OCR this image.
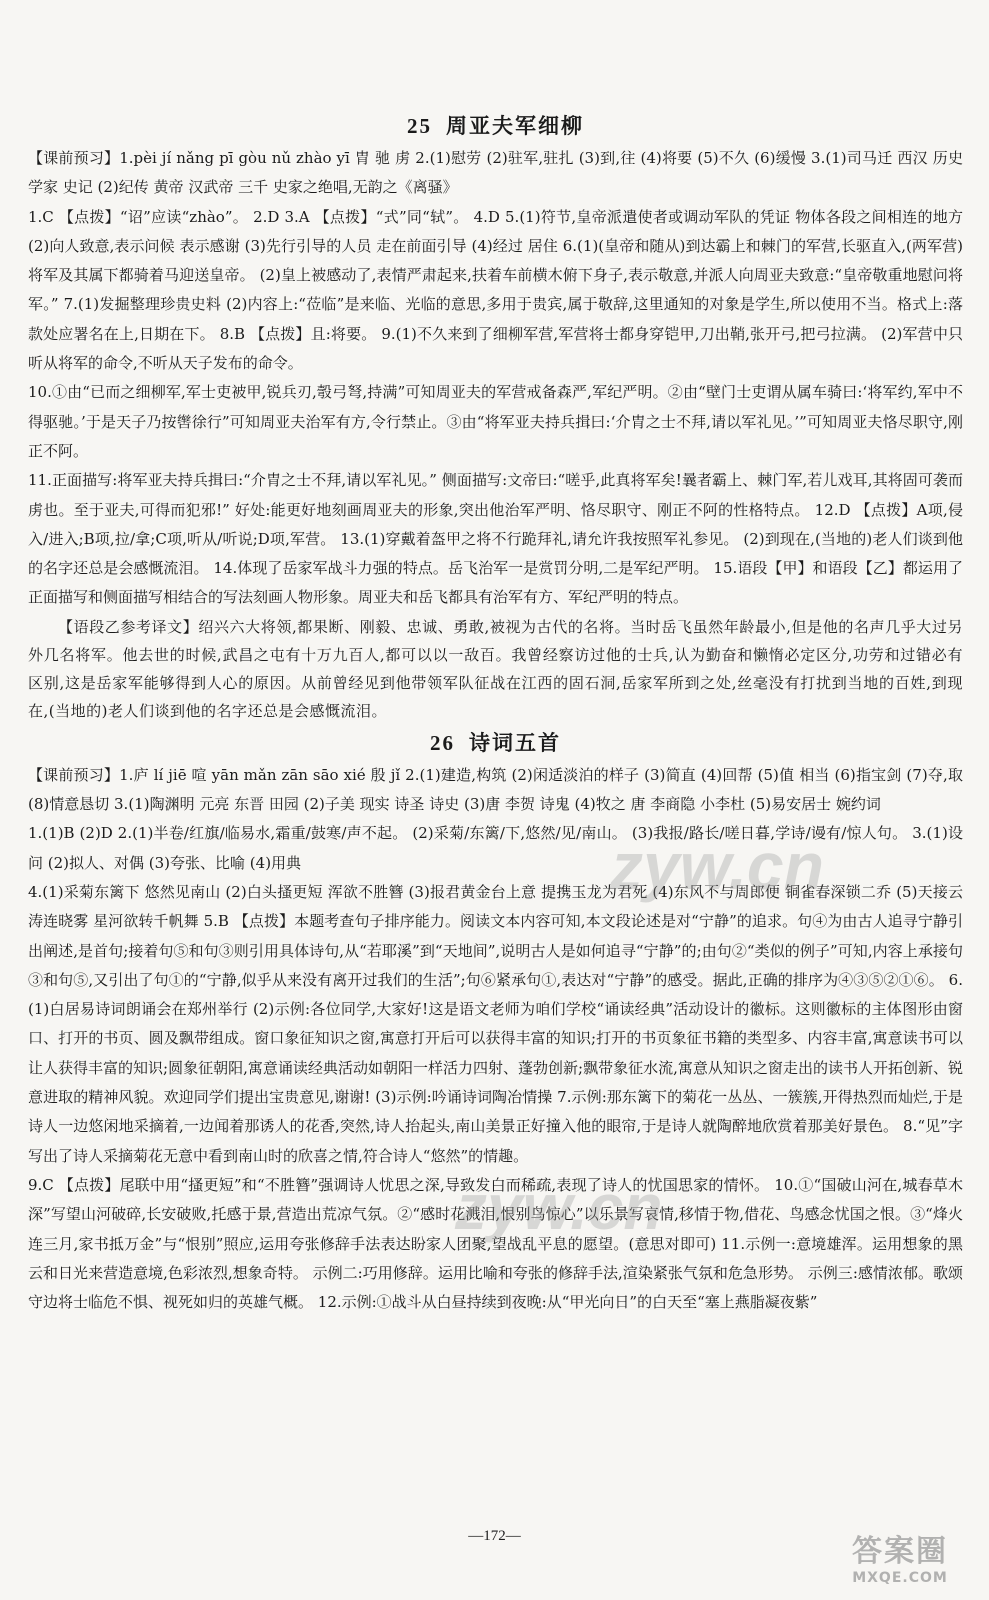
25 周亚夫军细柳

【课前预习】1.pèi jí nǎng pī gòu nǔ zhào yī 胄 驰 虏 2.(1)慰劳 (2)驻军,驻扎 (3)到,往 (4)将要 (5)不久 (6)缓慢 3.(1)司马迁 西汉 历史学家 史记 (2)纪传 黄帝 汉武帝 三千 史家之绝唱,无韵之《离骚》

1.C 【点拨】“诏”应读“zhào”。 2.D 3.A 【点拨】“式”同“轼”。 4.D 5.(1)符节,皇帝派遣使者或调动军队的凭证 物体各段之间相连的地方 (2)向人致意,表示问候 表示感谢 (3)先行引导的人员 走在前面引导 (4)经过 居住 6.(1)(皇帝和随从)到达霸上和棘门的军营,长驱直入,(两军营)将军及其属下都骑着马迎送皇帝。 (2)皇上被感动了,表情严肃起来,扶着车前横木俯下身子,表示敬意,并派人向周亚夫致意:“皇帝敬重地慰问将军。” 7.(1)发掘整理珍贵史料 (2)内容上:“莅临”是来临、光临的意思,多用于贵宾,属于敬辞,这里通知的对象是学生,所以使用不当。格式上:落款处应署名在上,日期在下。 8.B 【点拨】且:将要。 9.(1)不久来到了细柳军营,军营将士都身穿铠甲,刀出鞘,张开弓,把弓拉满。 (2)军营中只听从将军的命令,不听从天子发布的命令。

10.①由“已而之细柳军,军士吏被甲,锐兵刃,彀弓弩,持满”可知周亚夫的军营戒备森严,军纪严明。②由“壁门士吏谓从属车骑曰:‘将军约,军中不得驱驰。’于是天子乃按辔徐行”可知周亚夫治军有方,令行禁止。③由“将军亚夫持兵揖曰:‘介胄之士不拜,请以军礼见。’”可知周亚夫恪尽职守,刚正不阿。

11.正面描写:将军亚夫持兵揖曰:“介胄之士不拜,请以军礼见。” 侧面描写:文帝曰:“嗟乎,此真将军矣!曩者霸上、棘门军,若儿戏耳,其将固可袭而虏也。至于亚夫,可得而犯邪!” 好处:能更好地刻画周亚夫的形象,突出他治军严明、恪尽职守、刚正不阿的性格特点。 12.D 【点拨】A项,侵入/进入;B项,拉/拿;C项,听从/听说;D项,军营。 13.(1)穿戴着盔甲之将不行跪拜礼,请允许我按照军礼参见。 (2)到现在,(当地的)老人们谈到他的名字还总是会感慨流泪。 14.体现了岳家军战斗力强的特点。岳飞治军一是赏罚分明,二是军纪严明。 15.语段【甲】和语段【乙】都运用了正面描写和侧面描写相结合的写法刻画人物形象。周亚夫和岳飞都具有治军有方、军纪严明的特点。

【语段乙参考译文】绍兴六大将领,都果断、刚毅、忠诚、勇敢,被视为古代的名将。当时岳飞虽然年龄最小,但是他的名声几乎大过另外几名将军。他去世的时候,武昌之屯有十万九百人,都可以以一敌百。我曾经察访过他的士兵,认为勤奋和懒惰必定区分,功劳和过错必有区别,这是岳家军能够得到人心的原因。从前曾经见到他带领军队征战在江西的固石洞,岳家军所到之处,丝毫没有打扰到当地的百姓,到现在,(当地的)老人们谈到他的名字还总是会感慨流泪。

26 诗词五首

【课前预习】1.庐 lí jiē 喧 yān mǎn zān sāo xié 殷 jǐ 2.(1)建造,构筑 (2)闲适淡泊的样子 (3)简直 (4)回帮 (5)值 相当 (6)指宝剑 (7)夺,取 (8)情意恳切 3.(1)陶渊明 元亮 东晋 田园 (2)子美 现实 诗圣 诗史 (3)唐 李贺 诗鬼 (4)牧之 唐 李商隐 小李杜 (5)易安居士 婉约词

1.(1)B (2)D 2.(1)半卷/红旗/临易水,霜重/鼓寒/声不起。 (2)采菊/东篱/下,悠然/见/南山。 (3)我报/路长/嗟日暮,学诗/谩有/惊人句。 3.(1)设问 (2)拟人、对偶 (3)夸张、比喻 (4)用典

4.(1)采菊东篱下 悠然见南山 (2)白头搔更短 浑欲不胜簪 (3)报君黄金台上意 提携玉龙为君死 (4)东风不与周郎便 铜雀春深锁二乔 (5)天接云涛连晓雾 星河欲转千帆舞 5.B 【点拨】本题考查句子排序能力。阅读文本内容可知,本文段论述是对“宁静”的追求。句④为由古人追寻宁静引出阐述,是首句;接着句⑤和句③则引用具体诗句,从“若耶溪”到“天地间”,说明古人是如何追寻“宁静”的;由句②“类似的例子”可知,内容上承接句③和句⑤,又引出了句①的“宁静,似乎从来没有离开过我们的生活”;句⑥紧承句①,表达对“宁静”的感受。据此,正确的排序为④③⑤②①⑥。 6.(1)白居易诗词朗诵会在郑州举行 (2)示例:各位同学,大家好!这是语文老师为咱们学校“诵读经典”活动设计的徽标。这则徽标的主体图形由窗口、打开的书页、圆及飘带组成。窗口象征知识之窗,寓意打开后可以获得丰富的知识;打开的书页象征书籍的类型多、内容丰富,寓意读书可以让人获得丰富的知识;圆象征朝阳,寓意诵读经典活动如朝阳一样活力四射、蓬勃创新;飘带象征水流,寓意从知识之窗走出的读书人开拓创新、锐意进取的精神风貌。欢迎同学们提出宝贵意见,谢谢! (3)示例:吟诵诗词陶冶情操 7.示例:那东篱下的菊花一丛丛、一簇簇,开得热烈而灿烂,于是诗人一边悠闲地采摘着,一边闻着那诱人的花香,突然,诗人抬起头,南山美景正好撞入他的眼帘,于是诗人就陶醉地欣赏着那美好景色。 8.“见”字写出了诗人采摘菊花无意中看到南山时的欣喜之情,符合诗人“悠然”的情趣。

9.C 【点拨】尾联中用“搔更短”和“不胜簪”强调诗人忧思之深,导致发白而稀疏,表现了诗人的忧国思家的情怀。 10.①“国破山河在,城春草木深”写望山河破碎,长安破败,托感于景,营造出荒凉气氛。②“感时花溅泪,恨别鸟惊心”以乐景写哀情,移情于物,借花、鸟感念忧国之恨。③“烽火连三月,家书抵万金”与“恨别”照应,运用夸张修辞手法表达盼家人团聚,望战乱平息的愿望。(意思对即可) 11.示例一:意境雄浑。运用想象的黑云和日光来营造意境,色彩浓烈,想象奇特。 示例二:巧用修辞。运用比喻和夸张的修辞手法,渲染紧张气氛和危急形势。 示例三:感情浓郁。歌颂守边将士临危不惧、视死如归的英雄气概。 12.示例:①战斗从白昼持续到夜晚:从“甲光向日”的白天至“塞上燕脂凝夜紫”

—172—
zyw.cn
zyw.cn
答案圈
MXQE.COM
